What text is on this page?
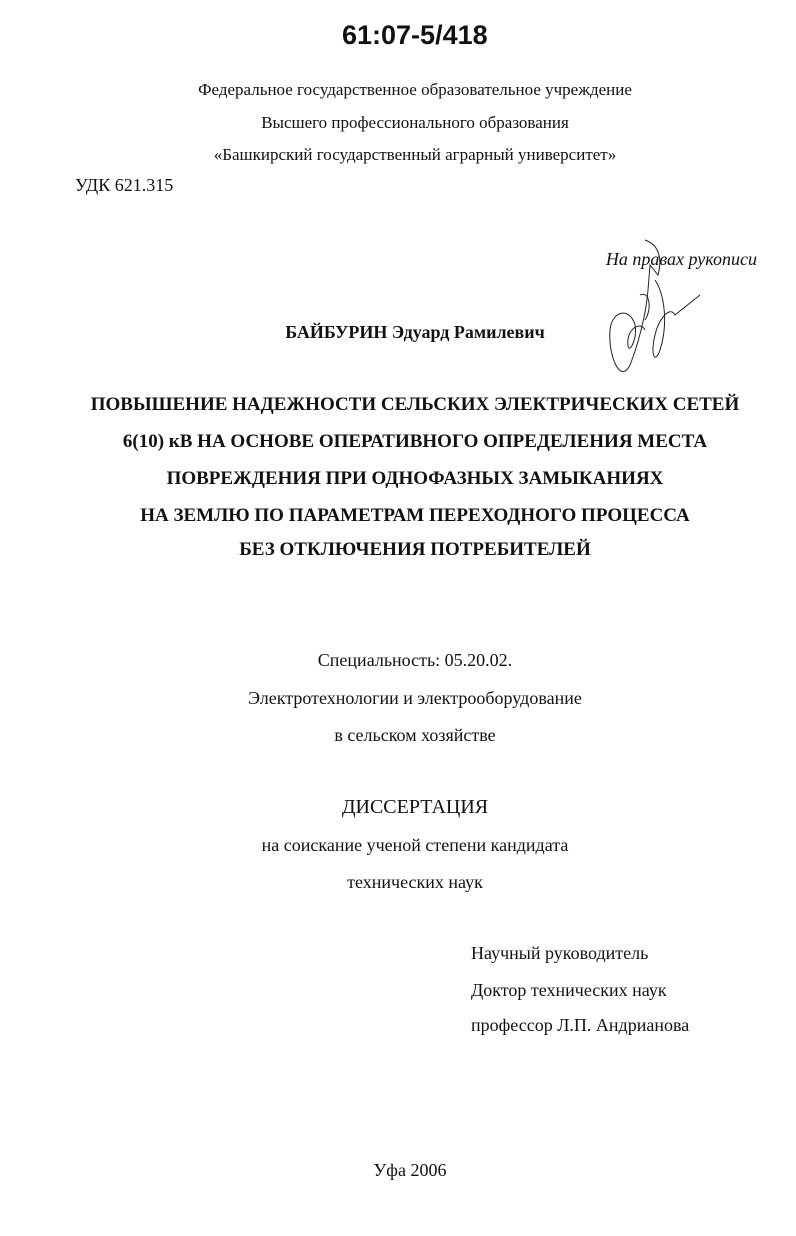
61:07-5/418
Федеральное государственное образовательное учреждение
Высшего профессионального образования
«Башкирский государственный аграрный университет»
УДК 621.315
На правах рукописи
БАЙБУРИН Эдуард Рамилевич
ПОВЫШЕНИЕ НАДЕЖНОСТИ СЕЛЬСКИХ ЭЛЕКТРИЧЕСКИХ СЕТЕЙ
6(10) кВ НА ОСНОВЕ ОПЕРАТИВНОГО ОПРЕДЕЛЕНИЯ МЕСТА
ПОВРЕЖДЕНИЯ ПРИ ОДНОФАЗНЫХ ЗАМЫКАНИЯХ
НА ЗЕМЛЮ ПО ПАРАМЕТРАМ ПЕРЕХОДНОГО ПРОЦЕССА
БЕЗ ОТКЛЮЧЕНИЯ ПОТРЕБИТЕЛЕЙ
Специальность: 05.20.02.
Электротехнологии и электрооборудование
в сельском хозяйстве
ДИССЕРТАЦИЯ
на соискание ученой степени кандидата
технических наук
Научный руководитель
Доктор технических наук
профессор Л.П. Андрианова
Уфа 2006
